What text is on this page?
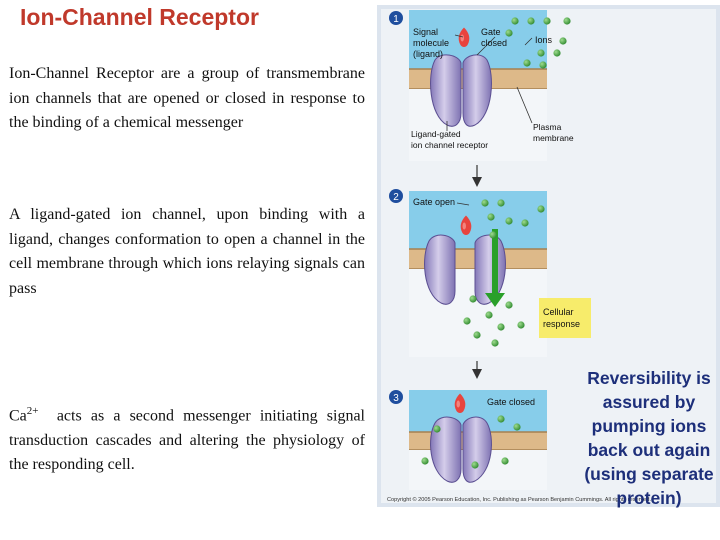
Ion-Channel Receptor
Ion-Channel Receptor are a group of transmembrane ion channels that are opened or closed in response to the binding of a chemical messenger
A ligand-gated ion channel, upon binding with a ligand, changes conformation to open a channel in the cell membrane through which ions relaying signals can pass
$Ca^{2+}$ acts as a second messenger initiating signal transduction cascades and altering the physiology of the responding cell.
1
Signal molecule (ligand)
Gate closed	Ions
Ligand-gated ion channel receptor
Plasma membrane
2 Gate open
Cellular response
3	Gate closed
Copyright © 2005 Pearson Education, Inc. Publishing as Pearson Benjamin Cummings. All rights reserved.
Reversibility is assured by pumping ions back out again (using separate protein)
